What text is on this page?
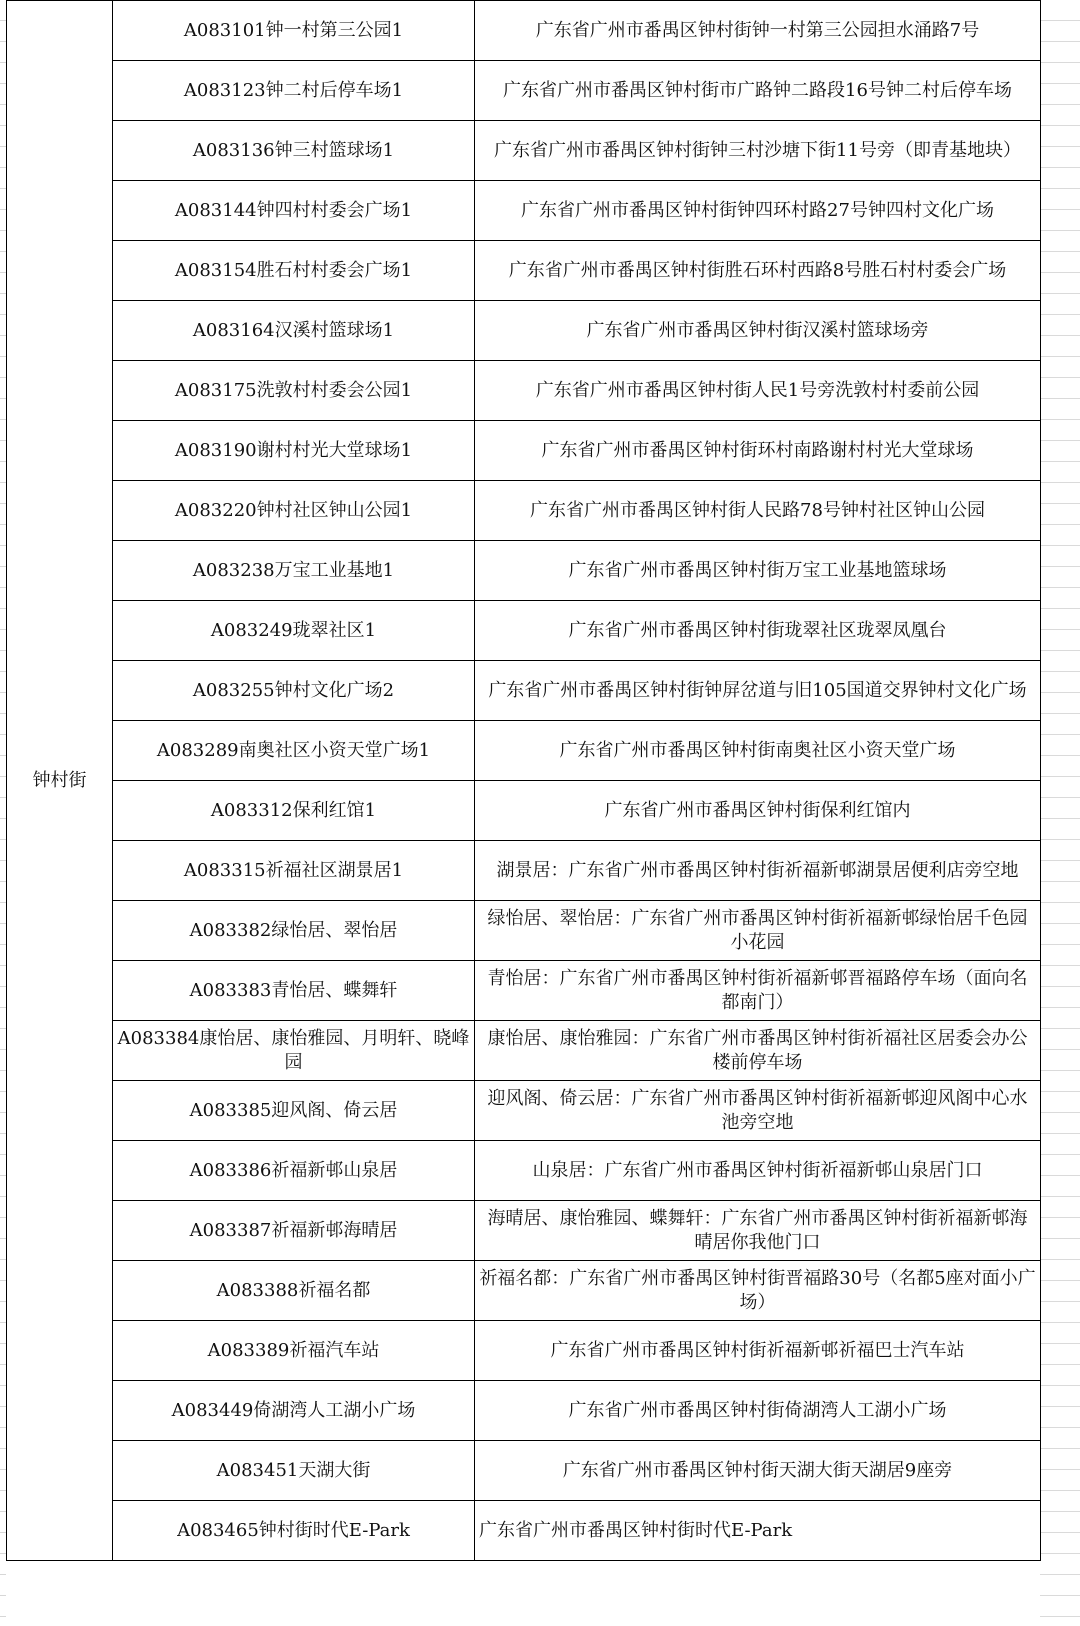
钟村街	A083101钟一村第三公园1	广东省广州市番禺区钟村街钟一村第三公园担水涌路7号
	A083123钟二村后停车场1	广东省广州市番禺区钟村街市广路钟二路段16号钟二村后停车场
	A083136钟三村篮球场1	广东省广州市番禺区钟村街钟三村沙塘下街11号旁（即青基地块）
	A083144钟四村村委会广场1	广东省广州市番禺区钟村街钟四环村路27号钟四村文化广场
	A083154胜石村村委会广场1	广东省广州市番禺区钟村街胜石环村西路8号胜石村村委会广场
	A083164汉溪村篮球场1	广东省广州市番禺区钟村街汉溪村篮球场旁
	A083175洗敦村村委会公园1	广东省广州市番禺区钟村街人民1号旁洗敦村村委前公园
	A083190谢村村光大堂球场1	广东省广州市番禺区钟村街环村南路谢村村光大堂球场
	A083220钟村社区钟山公园1	广东省广州市番禺区钟村街人民路78号钟村社区钟山公园
	A083238万宝工业基地1	广东省广州市番禺区钟村街万宝工业基地篮球场
	A083249珑翠社区1	广东省广州市番禺区钟村街珑翠社区珑翠凤凰台
	A083255钟村文化广场2	广东省广州市番禺区钟村街钟屏岔道与旧105国道交界钟村文化广场
	A083289南奥社区小资天堂广场1	广东省广州市番禺区钟村街南奥社区小资天堂广场
	A083312保利红馆1	广东省广州市番禺区钟村街保利红馆内
	A083315祈福社区湖景居1	湖景居：广东省广州市番禺区钟村街祈福新邨湖景居便利店旁空地
	A083382绿怡居、翠怡居	绿怡居、翠怡居：广东省广州市番禺区钟村街祈福新邨绿怡居千色园小花园
	A083383青怡居、蝶舞轩	青怡居：广东省广州市番禺区钟村街祈福新邨晋福路停车场（面向名都南门）
	A083384康怡居、康怡雅园、月明轩、晓峰园	康怡居、康怡雅园：广东省广州市番禺区钟村街祈福社区居委会办公楼前停车场
	A083385迎风阁、倚云居	迎风阁、倚云居：广东省广州市番禺区钟村街祈福新邨迎风阁中心水池旁空地
	A083386祈福新邨山泉居	山泉居：广东省广州市番禺区钟村街祈福新邨山泉居门口
	A083387祈福新邨海晴居	海晴居、康怡雅园、蝶舞轩：广东省广州市番禺区钟村街祈福新邨海晴居你我他门口
	A083388祈福名都	祈福名都：广东省广州市番禺区钟村街晋福路30号（名都5座对面小广场）
	A083389祈福汽车站	广东省广州市番禺区钟村街祈福新邨祈福巴士汽车站
	A083449倚湖湾人工湖小广场	广东省广州市番禺区钟村街倚湖湾人工湖小广场
	A083451天湖大街	广东省广州市番禺区钟村街天湖大街天湖居9座旁
	A083465钟村街时代E-Park	广东省广州市番禺区钟村街时代E-Park
